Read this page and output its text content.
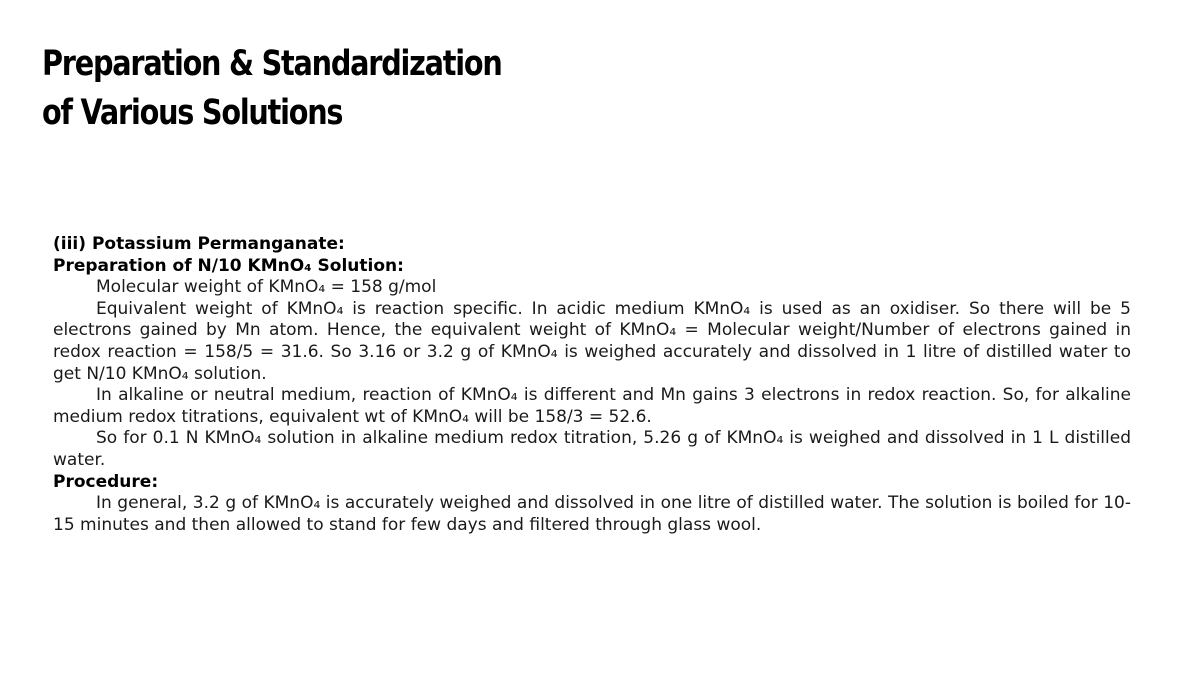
Preparation & Standardization
of Various Solutions

(iii) Potassium Permanganate:

Preparation of N/10 KMnO₄ Solution:

Molecular weight of KMnO₄ = 158 g/mol

Equivalent weight of KMnO₄ is reaction specific. In acidic medium KMnO₄ is used as an oxidiser. So there will be 5 electrons gained by Mn atom. Hence, the equivalent weight of KMnO₄ = Molecular weight/Number of electrons gained in redox reaction = 158/5 = 31.6. So 3.16 or 3.2 g of KMnO₄ is weighed accurately and dissolved in 1 litre of distilled water to get N/10 KMnO₄ solution.

In alkaline or neutral medium, reaction of KMnO₄ is different and Mn gains 3 electrons in redox reaction. So, for alkaline medium redox titrations, equivalent wt of KMnO₄ will be 158/3 = 52.6.

So for 0.1 N KMnO₄ solution in alkaline medium redox titration, 5.26 g of KMnO₄ is weighed and dissolved in 1 L distilled water.

Procedure:

In general, 3.2 g of KMnO₄ is accurately weighed and dissolved in one litre of distilled water. The solution is boiled for 10-15 minutes and then allowed to stand for few days and filtered through glass wool.
